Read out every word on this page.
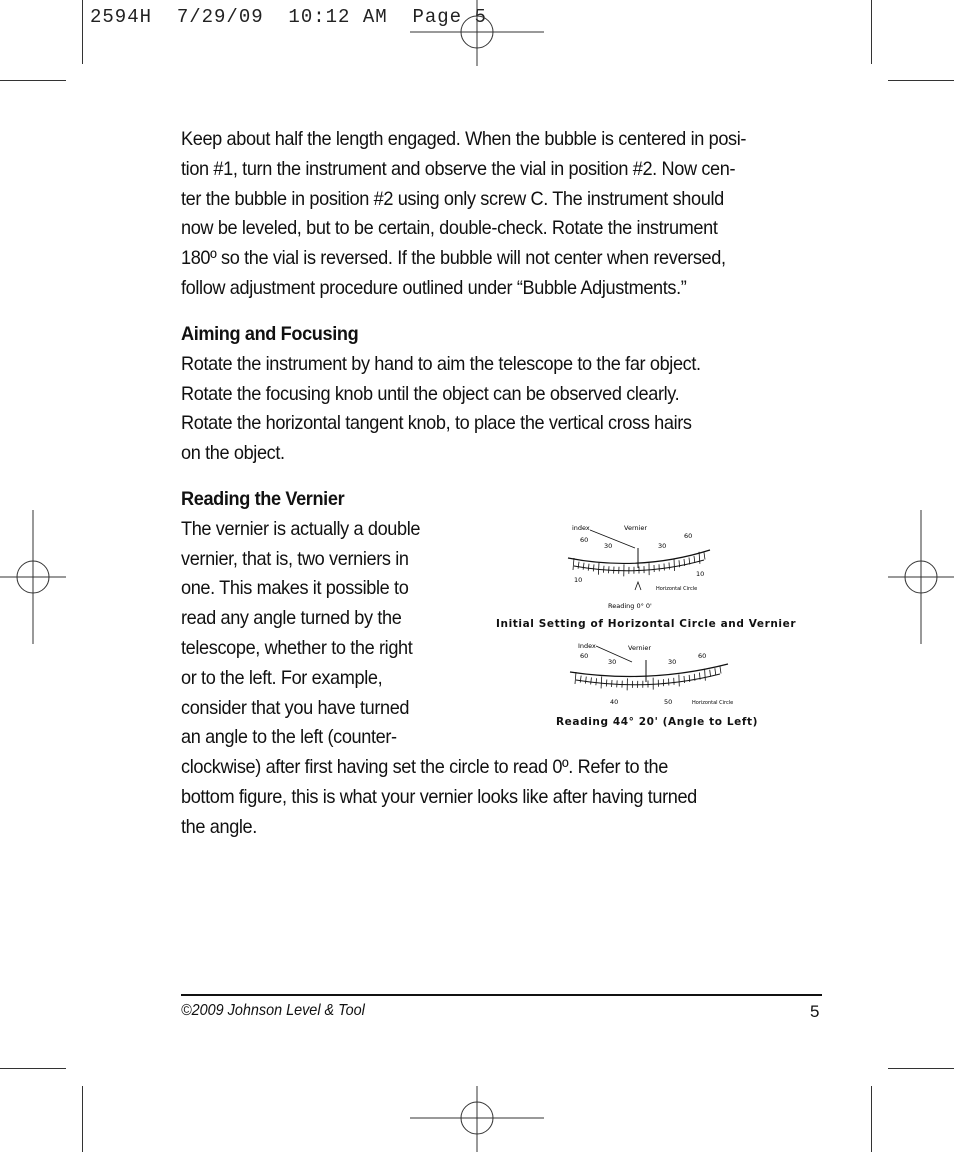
2594H  7/29/09  10:12 AM  Page 5

Keep about half the length engaged. When the bubble is centered in posi-

tion #1, turn the instrument and observe the vial in position #2. Now cen-

ter the bubble in position #2 using only screw C. The instrument should

now be leveled, but to be certain, double-check. Rotate the instrument

180º so the vial is reversed. If the bubble will not center when reversed,

follow adjustment procedure outlined under “Bubble Adjustments.”

Aiming and Focusing

Rotate the instrument by hand to aim the telescope to the far object.

Rotate the focusing knob until the object can be observed clearly.

Rotate the horizontal tangent knob, to place the vertical cross hairs

on the object.

Reading the Vernier

The vernier is actually a double

vernier, that is, two verniers in

one. This makes it possible to

read any angle turned by the

telescope, whether to the right

or to the left. For example,

consider that you have turned

an angle to the left (counter-

clockwise) after first having set the circle to read 0º. Refer to the

bottom figure, this is what your vernier looks like after having turned

the angle.

index	Vernier
60
30	30
60
10
10
Horizontal Circle
Reading 0° 0'
Initial Setting of Horizontal Circle and Vernier
Index	Vernier
60
30	30
60
40	50	Horizontal Circle
Reading 44° 20' (Angle to Left)
©2009 Johnson Level & Tool	5
